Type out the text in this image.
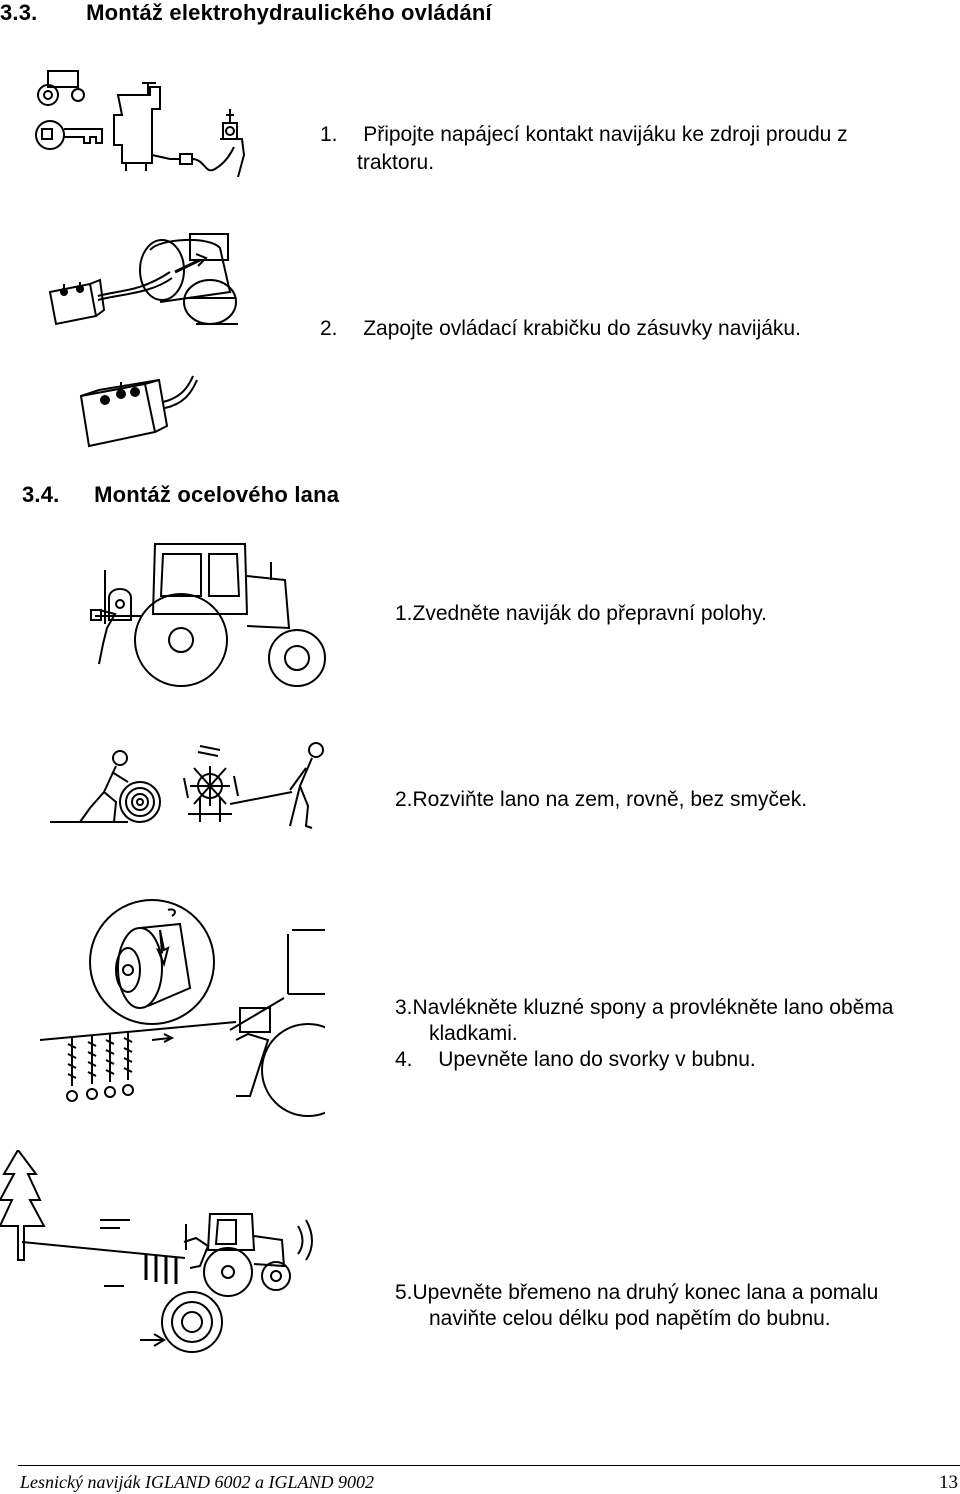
3.3. Montáž elektrohydraulického ovládání
1. Připojte napájecí kontakt navijáku ke zdroji proudu z
traktoru.
2. Zapojte ovládací krabičku do zásuvky navijáku.
3.4. Montáž ocelového lana
1.Zvedněte naviják do přepravní polohy.
2.Rozviňte lano na zem, rovně, bez smyček.
3.Navlékněte kluzné spony a provlékněte lano oběma
kladkami.
4. Upevněte lano do svorky v bubnu.
5.Upevněte břemeno na druhý konec lana a pomalu
naviňte celou délku pod napětím do bubnu.
Lesnický naviják IGLAND 6002 a IGLAND 9002	13
